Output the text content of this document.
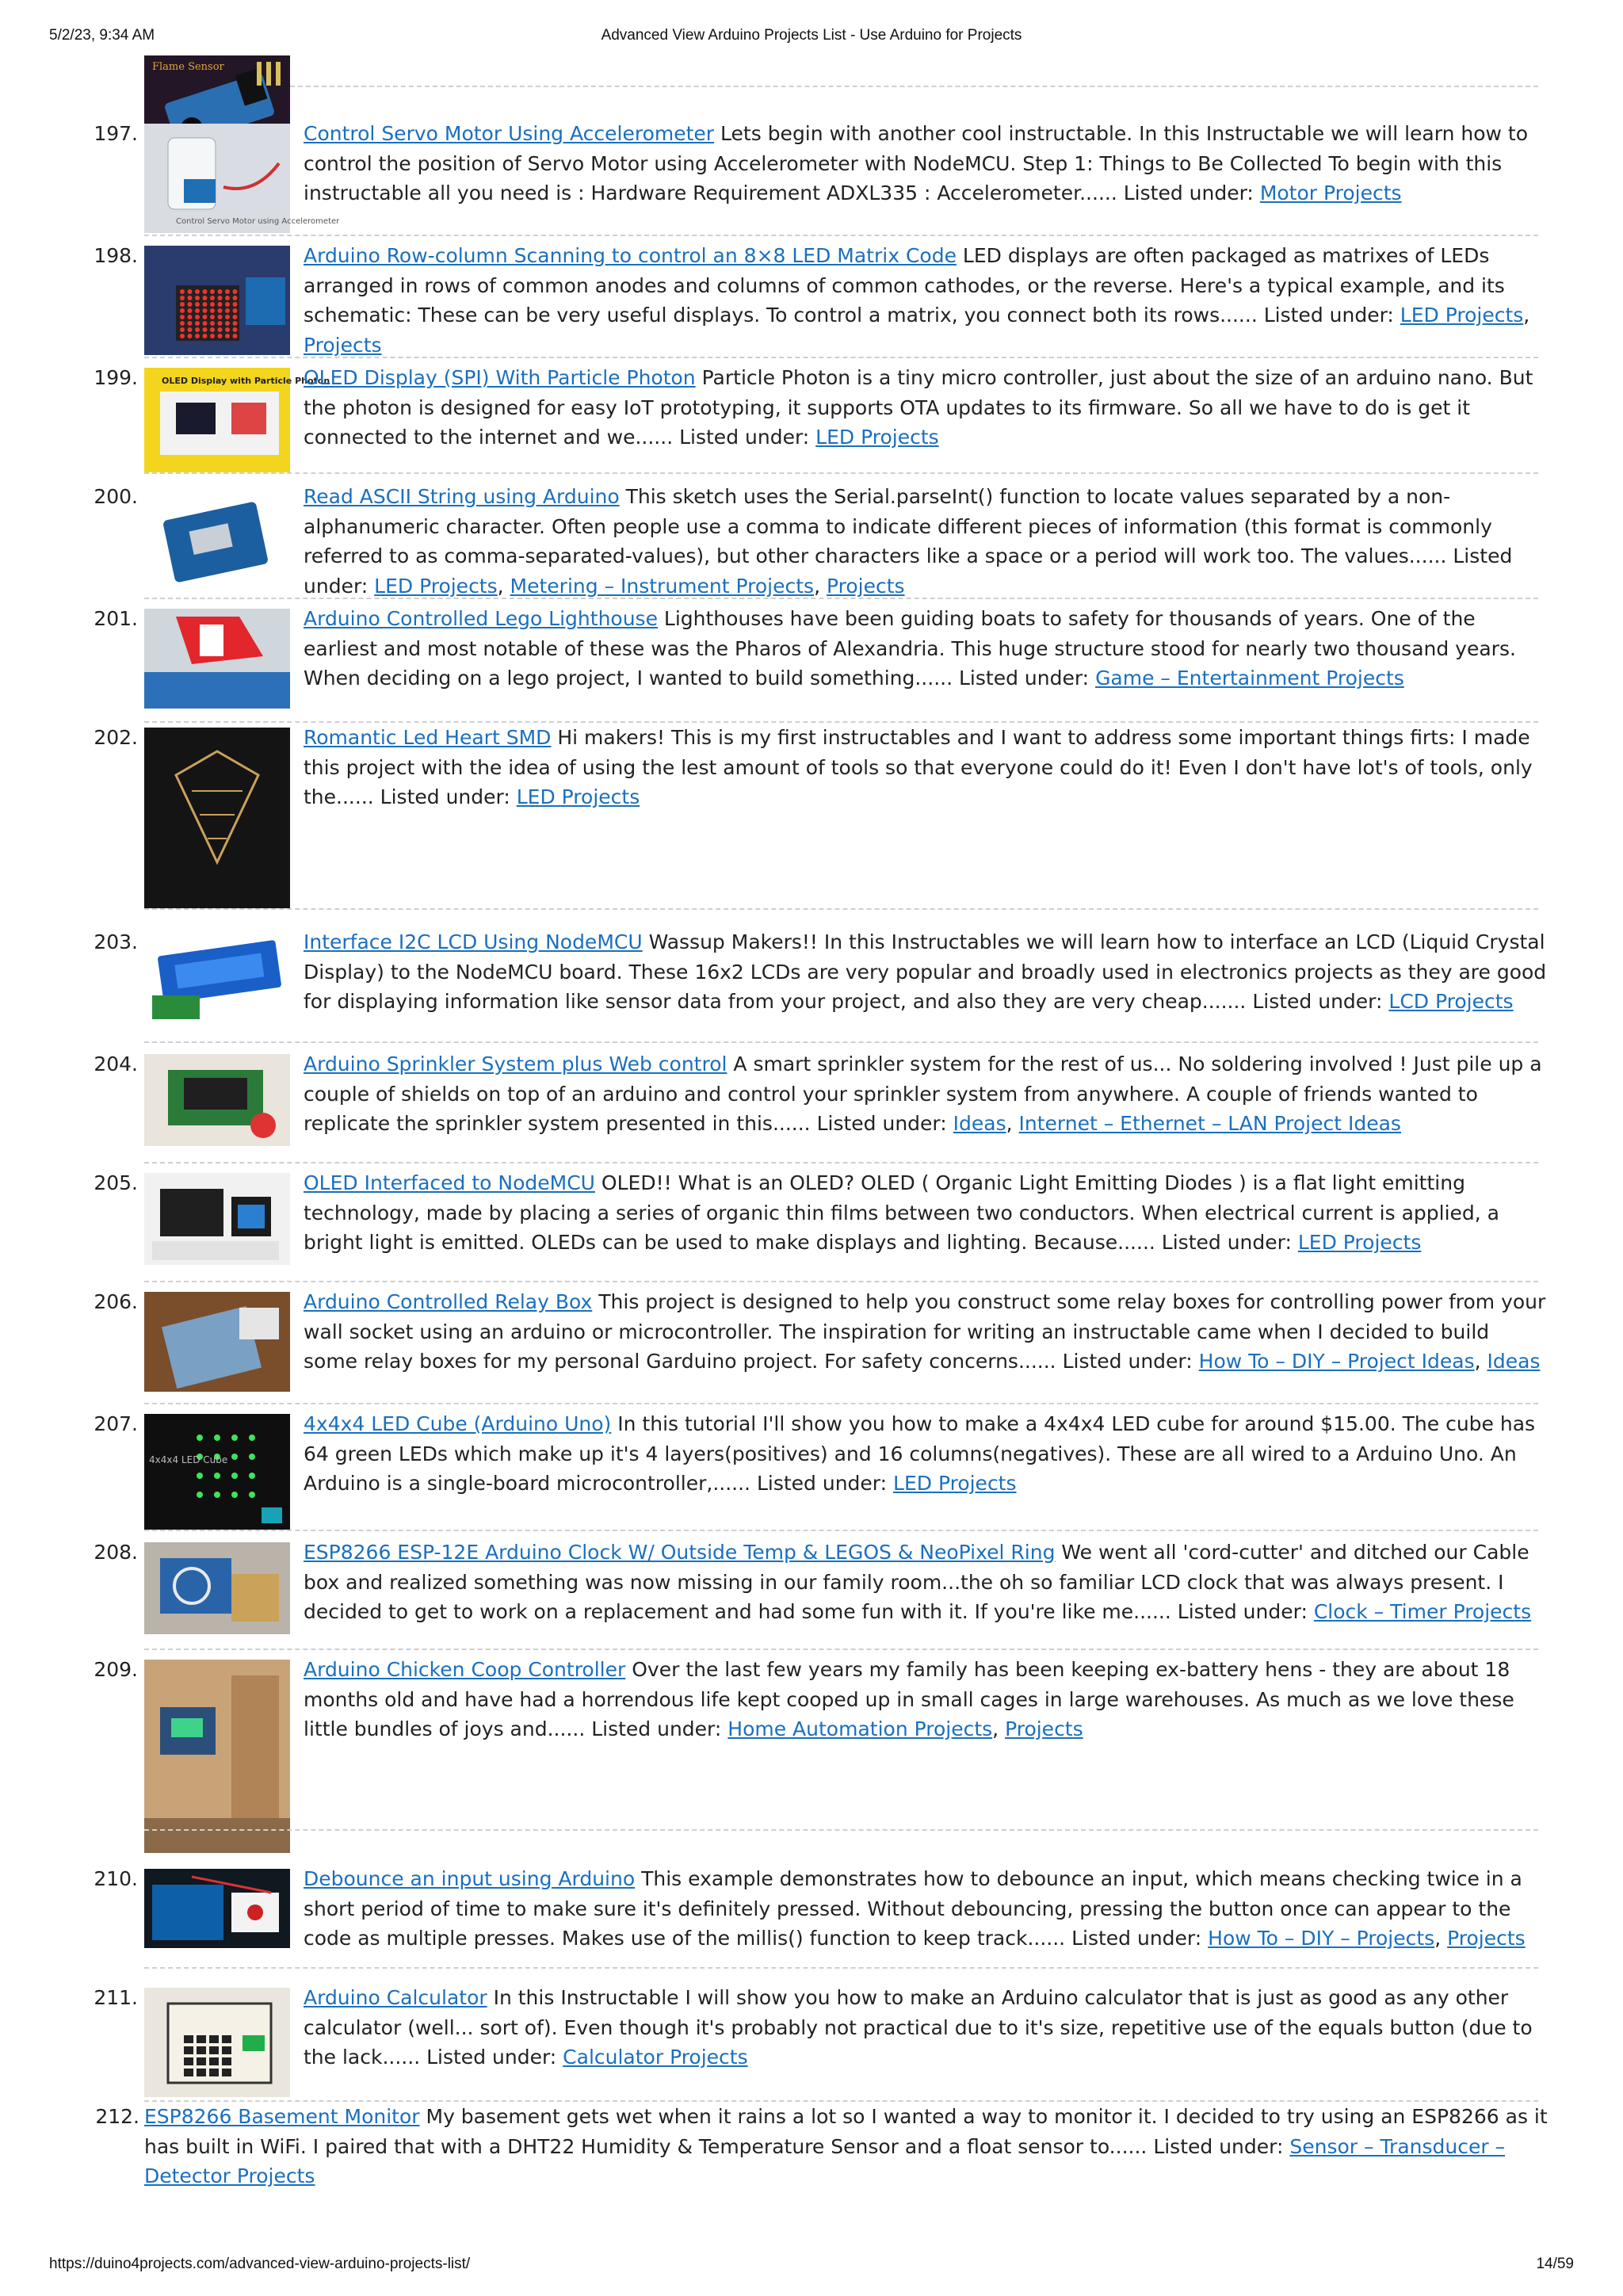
5/2/23, 9:34 AM	Advanced View Arduino Projects List - Use Arduino for Projects
Flame Sensor
197.
Control Servo Motor using Accelerometer
Control Servo Motor Using Accelerometer Lets begin with another cool instructable. In this Instructable we will learn how to control the position of Servo Motor using Accelerometer with NodeMCU. Step 1: Things to Be Collected To begin with this instructable all you need is : Hardware Requirement ADXL335 : Accelerometer...... Listed under: Motor Projects
198.	Arduino Row-column Scanning to control an 8×8 LED Matrix Code LED displays are often packaged as matrixes of LEDs arranged in rows of common anodes and columns of common cathodes, or the reverse. Here's a typical example, and its schematic: These can be very useful displays. To control a matrix, you connect both its rows...... Listed under: LED Projects, Projects
199.	OLED Display with Particle Photon
OLED Display (SPI) With Particle Photon Particle Photon is a tiny micro controller, just about the size of an arduino nano. But the photon is designed for easy IoT prototyping, it supports OTA updates to its firmware. So all we have to do is get it connected to the internet and we...... Listed under: LED Projects
200.	Read ASCII String using Arduino This sketch uses the Serial.parseInt() function to locate values separated by a non-alphanumeric character. Often people use a comma to indicate different pieces of information (this format is commonly referred to as comma-separated-values), but other characters like a space or a period will work too. The values...... Listed under: LED Projects, Metering – Instrument Projects, Projects
201.	Arduino Controlled Lego Lighthouse Lighthouses have been guiding boats to safety for thousands of years. One of the earliest and most notable of these was the Pharos of Alexandria. This huge structure stood for nearly two thousand years. When deciding on a lego project, I wanted to build something...... Listed under: Game – Entertainment Projects
202.	Romantic Led Heart SMD Hi makers! This is my first instructables and I want to address some important things firts: I made this project with the idea of using the lest amount of tools so that everyone could do it! Even I don't have lot's of tools, only the...... Listed under: LED Projects
203.	Interface I2C LCD Using NodeMCU Wassup Makers!! In this Instructables we will learn how to interface an LCD (Liquid Crystal Display) to the NodeMCU board. These 16x2 LCDs are very popular and broadly used in electronics projects as they are good for displaying information like sensor data from your project, and also they are very cheap....... Listed under: LCD Projects
204.	Arduino Sprinkler System plus Web control A smart sprinkler system for the rest of us... No soldering involved ! Just pile up a couple of shields on top of an arduino and control your sprinkler system from anywhere. A couple of friends wanted to replicate the sprinkler system presented in this...... Listed under: Ideas, Internet – Ethernet – LAN Project Ideas
205.	OLED Interfaced to NodeMCU OLED!! What is an OLED? OLED ( Organic Light Emitting Diodes ) is a flat light emitting technology, made by placing a series of organic thin films between two conductors. When electrical current is applied, a bright light is emitted. OLEDs can be used to make displays and lighting. Because...... Listed under: LED Projects
206.	Arduino Controlled Relay Box This project is designed to help you construct some relay boxes for controlling power from your wall socket using an arduino or microcontroller. The inspiration for writing an instructable came when I decided to build some relay boxes for my personal Garduino project. For safety concerns...... Listed under: How To – DIY – Project Ideas, Ideas
207.
4x4x4 LED Cube
4x4x4 LED Cube (Arduino Uno) In this tutorial I'll show you how to make a 4x4x4 LED cube for around $15.00. The cube has 64 green LEDs which make up it's 4 layers(positives) and 16 columns(negatives). These are all wired to a Arduino Uno. An Arduino is a single-board microcontroller,...... Listed under: LED Projects
208.	ESP8266 ESP-12E Arduino Clock W/ Outside Temp & LEGOS & NeoPixel Ring We went all 'cord-cutter' and ditched our Cable box and realized something was now missing in our family room...the oh so familiar LCD clock that was always present. I decided to get to work on a replacement and had some fun with it. If you're like me...... Listed under: Clock – Timer Projects
209.	Arduino Chicken Coop Controller Over the last few years my family has been keeping ex-battery hens - they are about 18 months old and have had a horrendous life kept cooped up in small cages in large warehouses. As much as we love these little bundles of joys and...... Listed under: Home Automation Projects, Projects
210.	Debounce an input using Arduino This example demonstrates how to debounce an input, which means checking twice in a short period of time to make sure it's definitely pressed. Without debouncing, pressing the button once can appear to the code as multiple presses. Makes use of the millis() function to keep track...... Listed under: How To – DIY – Projects, Projects
211.	Arduino Calculator In this Instructable I will show you how to make an Arduino calculator that is just as good as any other calculator (well... sort of). Even though it's probably not practical due to it's size, repetitive use of the equals button (due to the lack...... Listed under: Calculator Projects
212. ESP8266 Basement Monitor My basement gets wet when it rains a lot so I wanted a way to monitor it. I decided to try using an ESP8266 as it has built in WiFi. I paired that with a DHT22 Humidity & Temperature Sensor and a float sensor to...... Listed under: Sensor – Transducer – Detector Projects
https://duino4projects.com/advanced-view-arduino-projects-list/	14/59
